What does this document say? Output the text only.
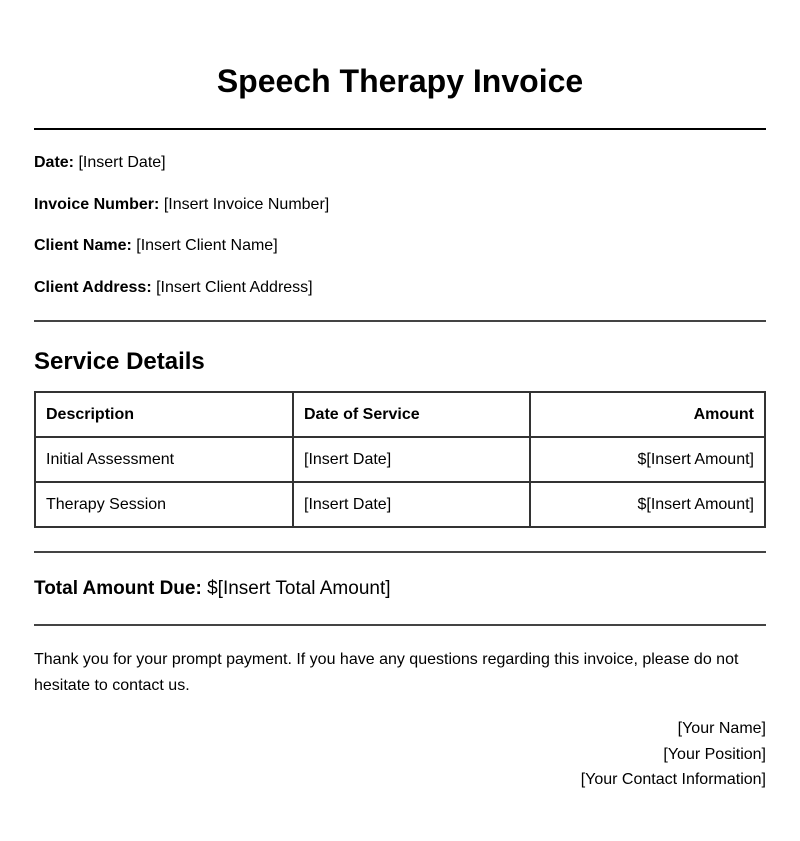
Speech Therapy Invoice
Date: [Insert Date]
Invoice Number: [Insert Invoice Number]
Client Name: [Insert Client Name]
Client Address: [Insert Client Address]
Service Details
Description	Date of Service	Amount
Initial Assessment	[Insert Date]	$[Insert Amount]
Therapy Session	[Insert Date]	$[Insert Amount]
Total Amount Due: $[Insert Total Amount]

Thank you for your prompt payment. If you have any questions regarding this invoice, please do not hesitate to contact us.

[Your Name]
[Your Position]
[Your Contact Information]
